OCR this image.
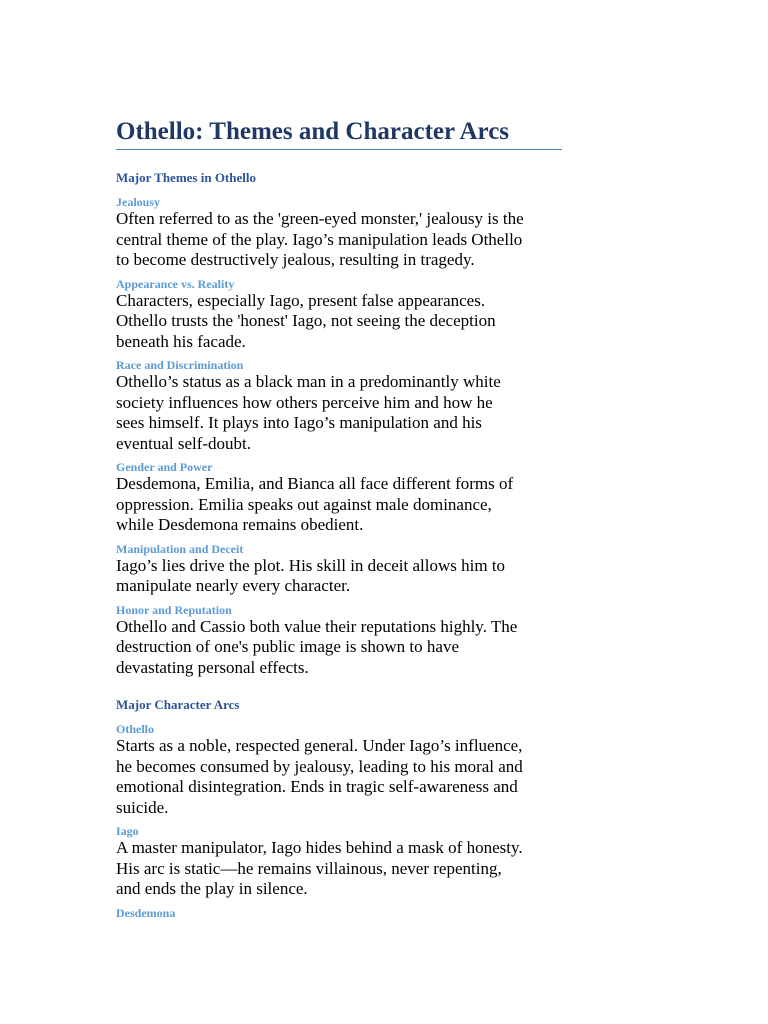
Othello: Themes and Character Arcs
Major Themes in Othello
Jealousy

Often referred to as the 'green-eyed monster,' jealousy is the
central theme of the play. Iago’s manipulation leads Othello
to become destructively jealous, resulting in tragedy.

Appearance vs. Reality

Characters, especially Iago, present false appearances.
Othello trusts the 'honest' Iago, not seeing the deception
beneath his facade.

Race and Discrimination

Othello’s status as a black man in a predominantly white
society influences how others perceive him and how he
sees himself. It plays into Iago’s manipulation and his
eventual self-doubt.

Gender and Power

Desdemona, Emilia, and Bianca all face different forms of
oppression. Emilia speaks out against male dominance,
while Desdemona remains obedient.

Manipulation and Deceit

Iago’s lies drive the plot. His skill in deceit allows him to
manipulate nearly every character.

Honor and Reputation

Othello and Cassio both value their reputations highly. The
destruction of one's public image is shown to have
devastating personal effects.

Major Character Arcs
Othello

Starts as a noble, respected general. Under Iago’s influence,
he becomes consumed by jealousy, leading to his moral and
emotional disintegration. Ends in tragic self-awareness and
suicide.

Iago

A master manipulator, Iago hides behind a mask of honesty.
His arc is static—he remains villainous, never repenting,
and ends the play in silence.

Desdemona
